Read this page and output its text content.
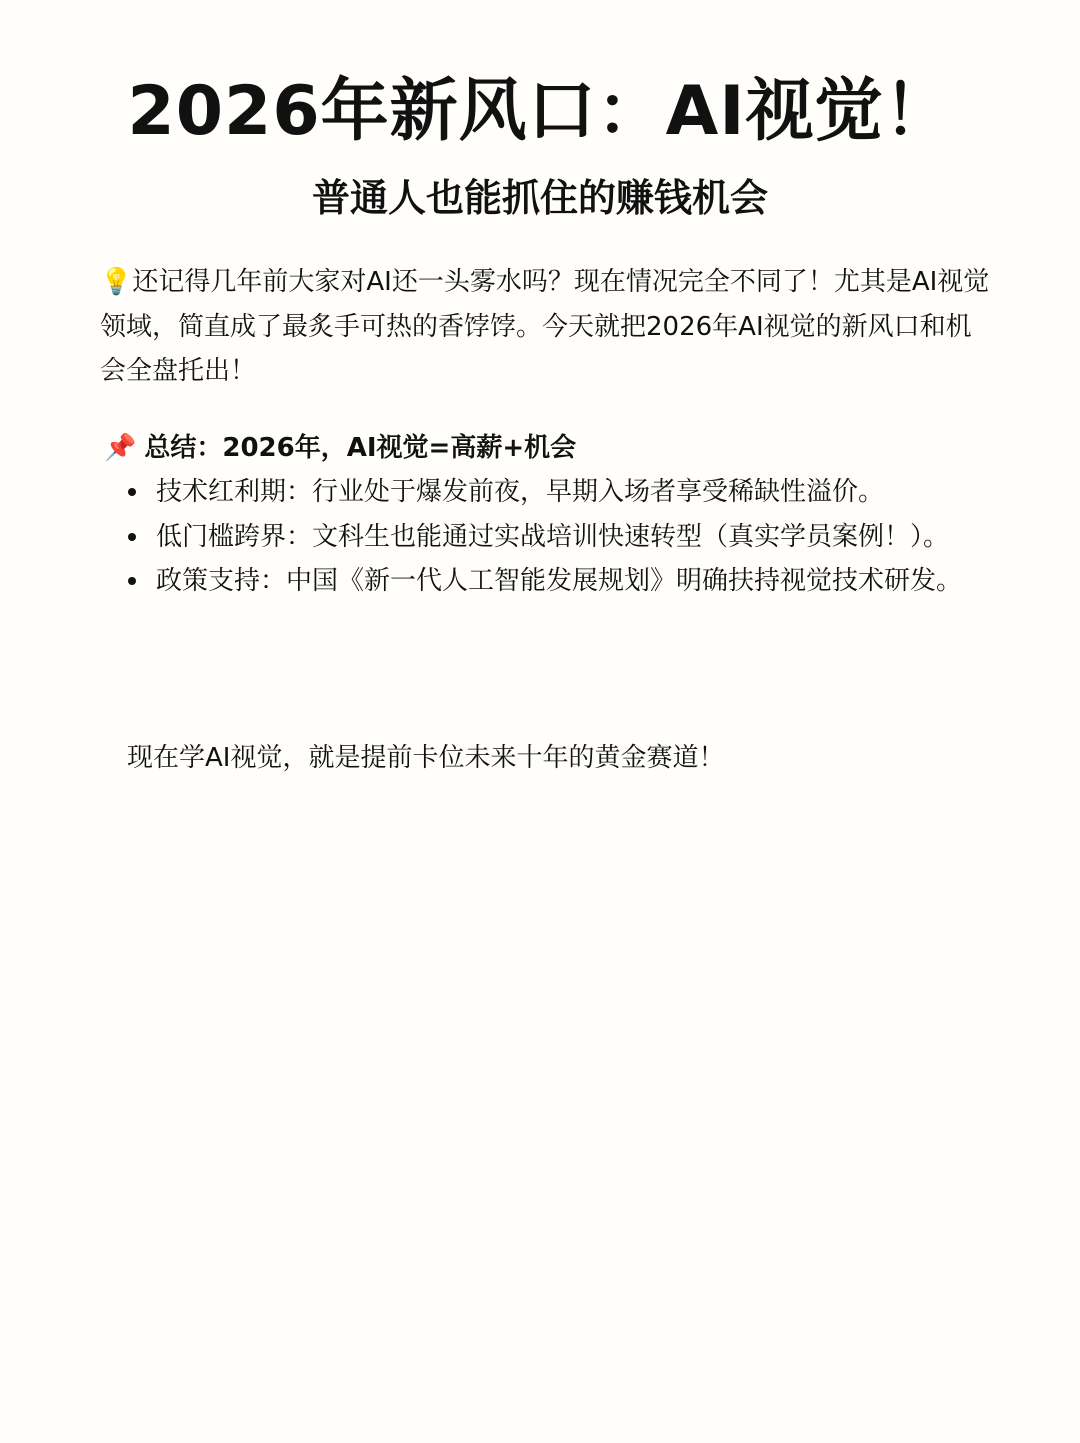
2026年新风口：AI视觉！
普通人也能抓住的赚钱机会
💡还记得几年前大家对AI还一头雾水吗？现在情况完全不同了！尤其是AI视觉领域，简直成了最炙手可热的香饽饽。今天就把2026年AI视觉的新风口和机会全盘托出！
📌 总结：2026年，AI视觉=高薪+机会
技术红利期：行业处于爆发前夜，早期入场者享受稀缺性溢价。
低门槛跨界：文科生也能通过实战培训快速转型（真实学员案例！）。
政策支持：中国《新一代人工智能发展规划》明确扶持视觉技术研发。
现在学AI视觉，就是提前卡位未来十年的黄金赛道！
